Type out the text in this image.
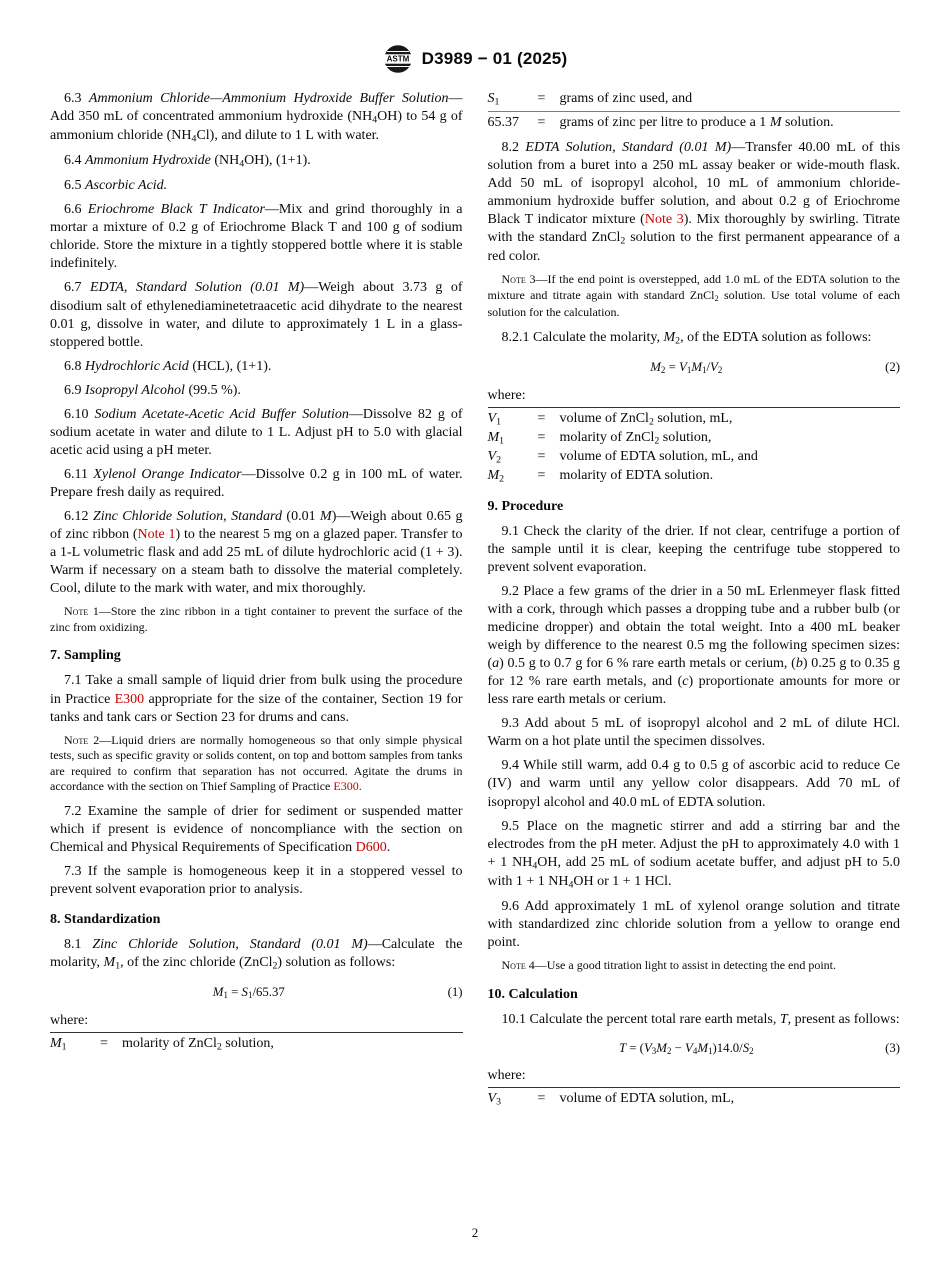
ASTM D3989 − 01 (2025)

6.3 Ammonium Chloride—Ammonium Hydroxide Buffer Solution—Add 350 mL of concentrated ammonium hydroxide (NH4OH) to 54 g of ammonium chloride (NH4Cl), and dilute to 1 L with water.

6.4 Ammonium Hydroxide (NH4OH), (1+1).

6.5 Ascorbic Acid.

6.6 Eriochrome Black T Indicator—Mix and grind thoroughly in a mortar a mixture of 0.2 g of Eriochrome Black T and 100 g of sodium chloride. Store the mixture in a tightly stoppered bottle where it is stable indefinitely.

6.7 EDTA, Standard Solution (0.01 M)—Weigh about 3.73 g of disodium salt of ethylenediaminetetraacetic acid dihydrate to the nearest 0.01 g, dissolve in water, and dilute to approximately 1 L in a glass-stoppered bottle.

6.8 Hydrochloric Acid (HCL), (1+1).

6.9 Isopropyl Alcohol (99.5 %).

6.10 Sodium Acetate-Acetic Acid Buffer Solution—Dissolve 82 g of sodium acetate in water and dilute to 1 L. Adjust pH to 5.0 with glacial acetic acid using a pH meter.

6.11 Xylenol Orange Indicator—Dissolve 0.2 g in 100 mL of water. Prepare fresh daily as required.

6.12 Zinc Chloride Solution, Standard (0.01 M)—Weigh about 0.65 g of zinc ribbon (Note 1) to the nearest 5 mg on a glazed paper. Transfer to a 1-L volumetric flask and add 25 mL of dilute hydrochloric acid (1 + 3). Warm if necessary on a steam bath to dissolve the material completely. Cool, dilute to the mark with water, and mix thoroughly.

Note 1—Store the zinc ribbon in a tight container to prevent the surface of the zinc from oxidizing.

7. Sampling

7.1 Take a small sample of liquid drier from bulk using the procedure in Practice E300 appropriate for the size of the container, Section 19 for tanks and tank cars or Section 23 for drums and cans.

Note 2—Liquid driers are normally homogeneous so that only simple physical tests, such as specific gravity or solids content, on top and bottom samples from tanks are required to confirm that separation has not occurred. Agitate the drums in accordance with the section on Thief Sampling of Practice E300.

7.2 Examine the sample of drier for sediment or suspended matter which if present is evidence of noncompliance with the section on Chemical and Physical Requirements of Specification D600.

7.3 If the sample is homogeneous keep it in a stoppered vessel to prevent solvent evaporation prior to analysis.

8. Standardization

8.1 Zinc Chloride Solution, Standard (0.01 M)—Calculate the molarity, M1, of the zinc chloride (ZnCl2) solution as follows:

M1 = S1/65.37	(1)

where:

M1	=	molarity of ZnCl2 solution,
S1	=	grams of zinc used, and
65.37	=	grams of zinc per litre to produce a 1 M solution.

8.2 EDTA Solution, Standard (0.01 M)—Transfer 40.00 mL of this solution from a buret into a 250 mL assay beaker or wide-mouth flask. Add 50 mL of isopropyl alcohol, 10 mL of ammonium chloride-ammonium hydroxide buffer solution, and about 0.2 g of Eriochrome Black T indicator mixture (Note 3). Mix thoroughly by swirling. Titrate with the standard ZnCl2 solution to the first permanent appearance of a red color.

Note 3—If the end point is overstepped, add 1.0 mL of the EDTA solution to the mixture and titrate again with standard ZnCl2 solution. Use total volume of each solution for the calculation.

8.2.1 Calculate the molarity, M2, of the EDTA solution as follows:

M2 = V1M1/V2	(2)

where:

V1	=	volume of ZnCl2 solution, mL,
M1	=	molarity of ZnCl2 solution,
V2	=	volume of EDTA solution, mL, and
M2	=	molarity of EDTA solution.
9. Procedure

9.1 Check the clarity of the drier. If not clear, centrifuge a portion of the sample until it is clear, keeping the centrifuge tube stoppered to prevent solvent evaporation.

9.2 Place a few grams of the drier in a 50 mL Erlenmeyer flask fitted with a cork, through which passes a dropping tube and a rubber bulb (or medicine dropper) and obtain the total weight. Into a 400 mL beaker weigh by difference to the nearest 0.5 mg the following specimen sizes: (a) 0.5 g to 0.7 g for 6 % rare earth metals or cerium, (b) 0.25 g to 0.35 g for 12 % rare earth metals, and (c) proportionate amounts for more or less rare earth metals or cerium.

9.3 Add about 5 mL of isopropyl alcohol and 2 mL of dilute HCl. Warm on a hot plate until the specimen dissolves.

9.4 While still warm, add 0.4 g to 0.5 g of ascorbic acid to reduce Ce (IV) and warm until any yellow color disappears. Add 70 mL of isopropyl alcohol and 40.0 mL of EDTA solution.

9.5 Place on the magnetic stirrer and add a stirring bar and the electrodes from the pH meter. Adjust the pH to approximately 4.0 with 1 + 1 NH4OH, add 25 mL of sodium acetate buffer, and adjust pH to 5.0 with 1 + 1 NH4OH or 1 + 1 HCl.

9.6 Add approximately 1 mL of xylenol orange solution and titrate with standardized zinc chloride solution from a yellow to orange end point.

Note 4—Use a good titration light to assist in detecting the end point.

10. Calculation

10.1 Calculate the percent total rare earth metals, T, present as follows:

T = (V3M2 − V4M1)14.0/S2	(3)

where:

V3	=	volume of EDTA solution, mL,
2
